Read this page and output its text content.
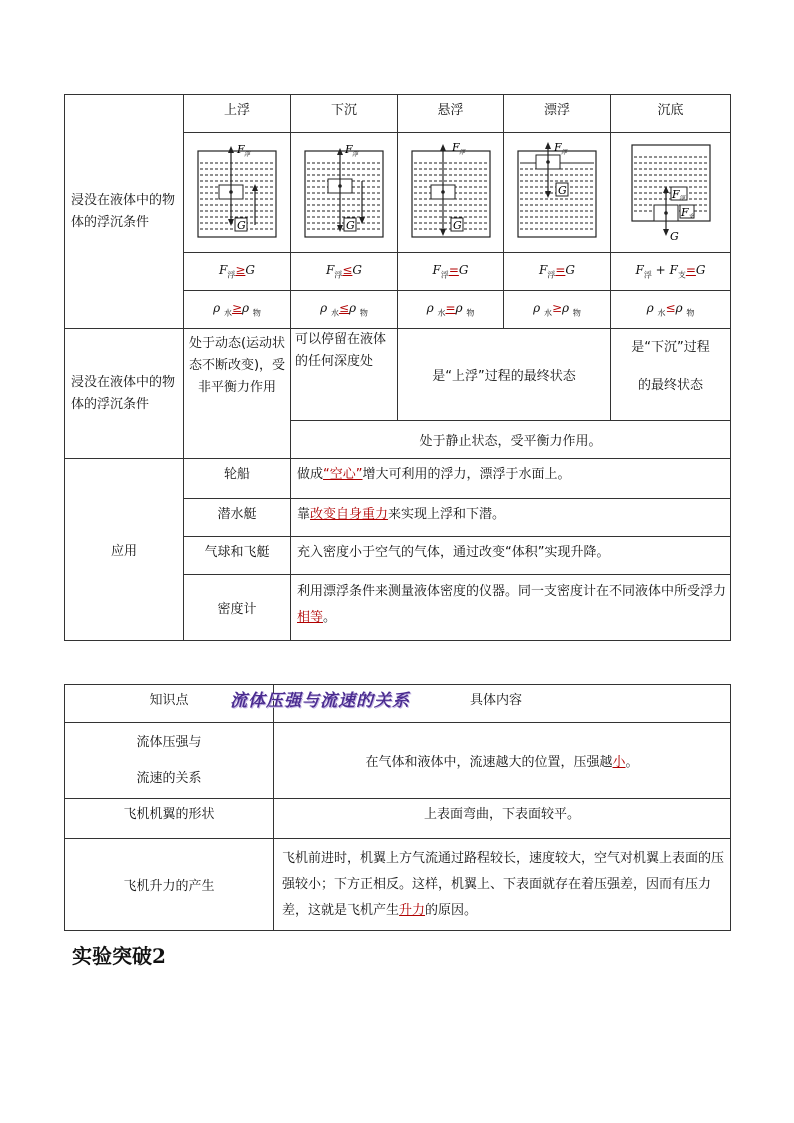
浸没在液体中的物体的浮沉条件	上浮	下沉	悬浮	漂浮	沉底

G
F 浮	G
F 浮	G
F 浮	G
F 浮	F 浮
F 支
G

	$F_浮\ge G$	$F_浮\le G$	$F_浮=G$	$F_浮=G$	$F_浮 + F_支=G$
	ρ $_水$≥ρ $_物$	ρ $_水$≤ρ $_物$	ρ $_水$=ρ $_物$	ρ $_水$≥ρ $_物$	ρ $_水$≤ρ $_物$
浸没在液体中的物体的浮沉条件	处于动态(运动状态不断改变)，受非平衡力作用	可以停留在液体的任何深度处	是“上浮”过程的最终状态		是“下沉”过程
的最终状态
		处于静止状态，受平衡力作用。			
应用	轮船	做成“空心”增大可利用的浮力，漂浮于水面上。			
	潜水艇	靠改变自身重力来实现上浮和下潜。			
	气球和飞艇	充入密度小于空气的气体，通过改变“体积”实现升降。			
	密度计	利用漂浮条件来测量液体密度的仪器。同一支密度计在不同液体中所受浮力相等。			
知识点	具体内容
流体压强与
流速的关系	在气体和液体中，流速越大的位置，压强越小。
飞机机翼的形状	上表面弯曲，下表面较平。
飞机升力的产生	飞机前进时，机翼上方气流通过路程较长，速度较大，空气对机翼上表面的压强较小；下方正相反。这样，机翼上、下表面就存在着压强差，因而有压力差，这就是飞机产生升力的原因。
流体压强与流速的关系
实验突破2
